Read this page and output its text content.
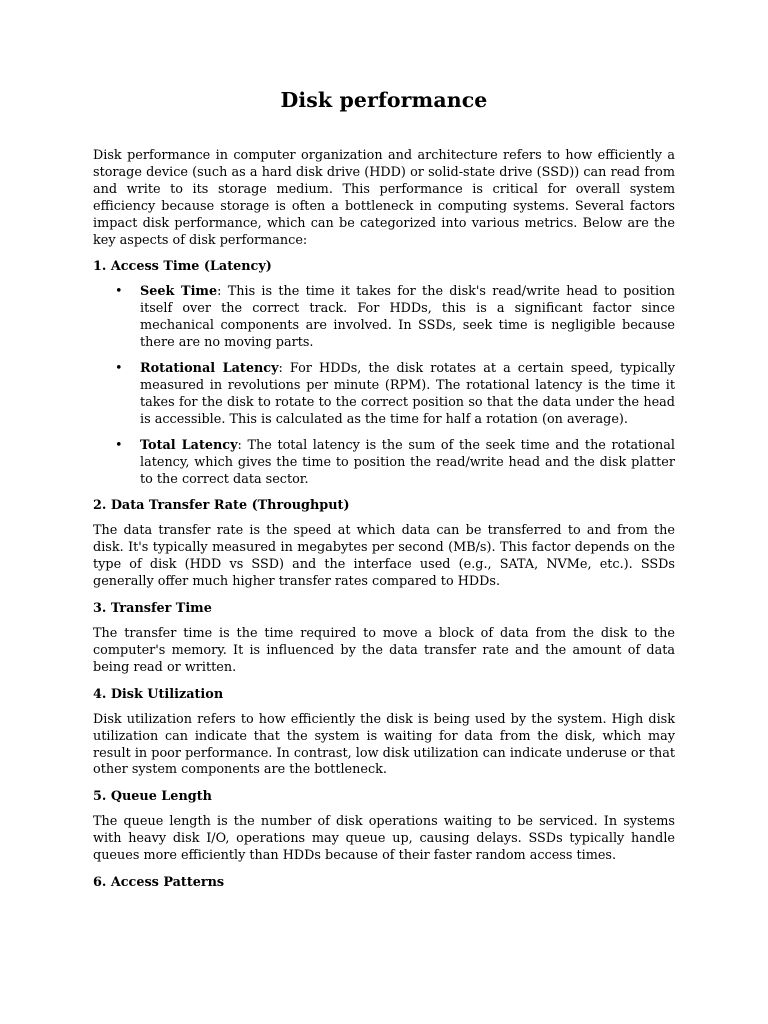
Disk performance

Disk performance in computer organization and architecture refers to how efficiently a storage device (such as a hard disk drive (HDD) or solid-state drive (SSD)) can read from and write to its storage medium. This performance is critical for overall system efficiency because storage is often a bottleneck in computing systems. Several factors impact disk performance, which can be categorized into various metrics. Below are the key aspects of disk performance:

1. Access Time (Latency)
• Seek Time: This is the time it takes for the disk's read/write head to position itself over the correct track. For HDDs, this is a significant factor since mechanical components are involved. In SSDs, seek time is negligible because there are no moving parts.
• Rotational Latency: For HDDs, the disk rotates at a certain speed, typically measured in revolutions per minute (RPM). The rotational latency is the time it takes for the disk to rotate to the correct position so that the data under the head is accessible. This is calculated as the time for half a rotation (on average).
• Total Latency: The total latency is the sum of the seek time and the rotational latency, which gives the time to position the read/write head and the disk platter to the correct data sector.
2. Data Transfer Rate (Throughput)

The data transfer rate is the speed at which data can be transferred to and from the disk. It's typically measured in megabytes per second (MB/s). This factor depends on the type of disk (HDD vs SSD) and the interface used (e.g., SATA, NVMe, etc.). SSDs generally offer much higher transfer rates compared to HDDs.

3. Transfer Time

The transfer time is the time required to move a block of data from the disk to the computer's memory. It is influenced by the data transfer rate and the amount of data being read or written.

4. Disk Utilization

Disk utilization refers to how efficiently the disk is being used by the system. High disk utilization can indicate that the system is waiting for data from the disk, which may result in poor performance. In contrast, low disk utilization can indicate underuse or that other system components are the bottleneck.

5. Queue Length

The queue length is the number of disk operations waiting to be serviced. In systems with heavy disk I/O, operations may queue up, causing delays. SSDs typically handle queues more efficiently than HDDs because of their faster random access times.

6. Access Patterns
